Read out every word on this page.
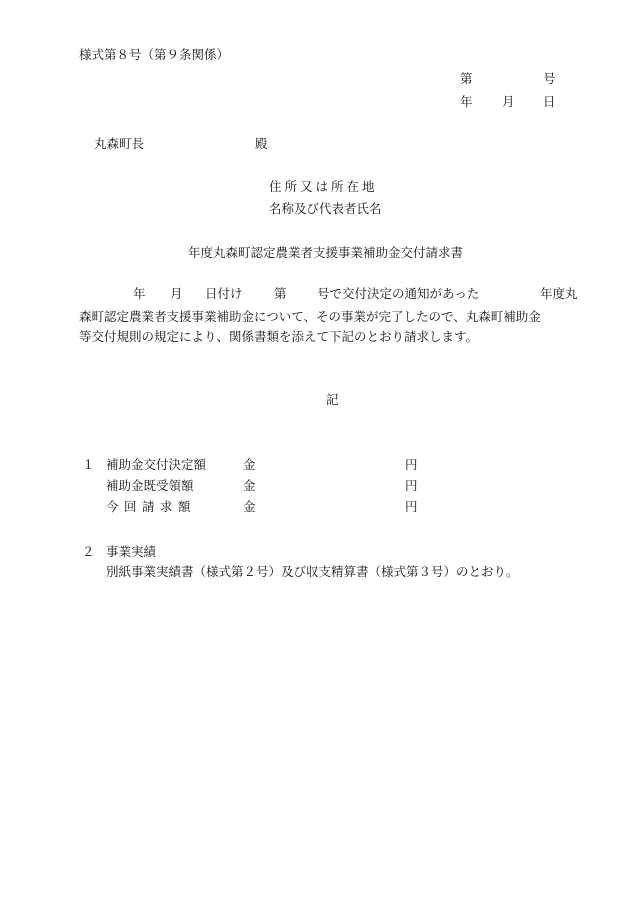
様式第８号（第９条関係）
第	号
年 月 日
丸森町長	殿
住所又は所在地
名称及び代表者氏名
年度丸森町認定農業者支援事業補助金交付請求書
年 月 日付け	第 号で交付決定の通知があった	年度丸
森町認定農業者支援事業補助金について、その事業が完了したので、丸森町補助金
等交付規則の規定により、関係書類を添えて下記のとおり請求します。
記
１ 補助金交付決定額	金	円
補助金既受領額	金	円
今回請求額	金	円
２ 事業実績
別紙事業実績書（様式第２号）及び収支精算書（様式第３号）のとおり。
